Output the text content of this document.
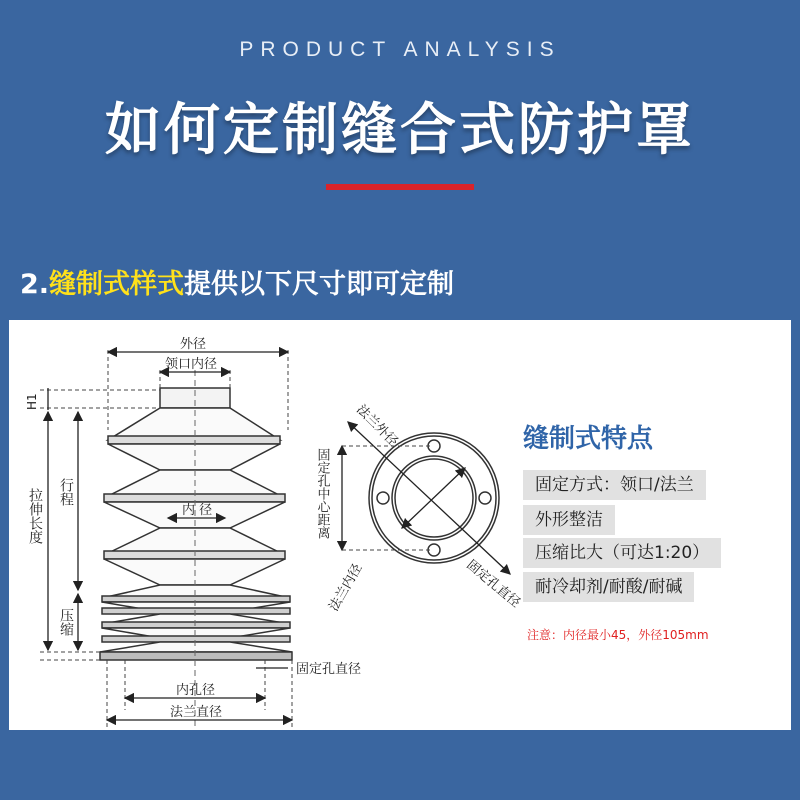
PRODUCT ANALYSIS
如何定制缝合式防护罩
2.缝制式样式提供以下尺寸即可定制
外径
领口内径
H1
拉伸长度 行程
内 径
压缩
固定孔直径
内孔径
法兰直径
法兰外径
固定孔中心距离
法兰内径	固定孔直径
缝制式特点
固定方式：领口/法兰
外形整洁
压缩比大（可达1:20）
耐冷却剂/耐酸/耐碱
注意：内径最小45，外径105mm
